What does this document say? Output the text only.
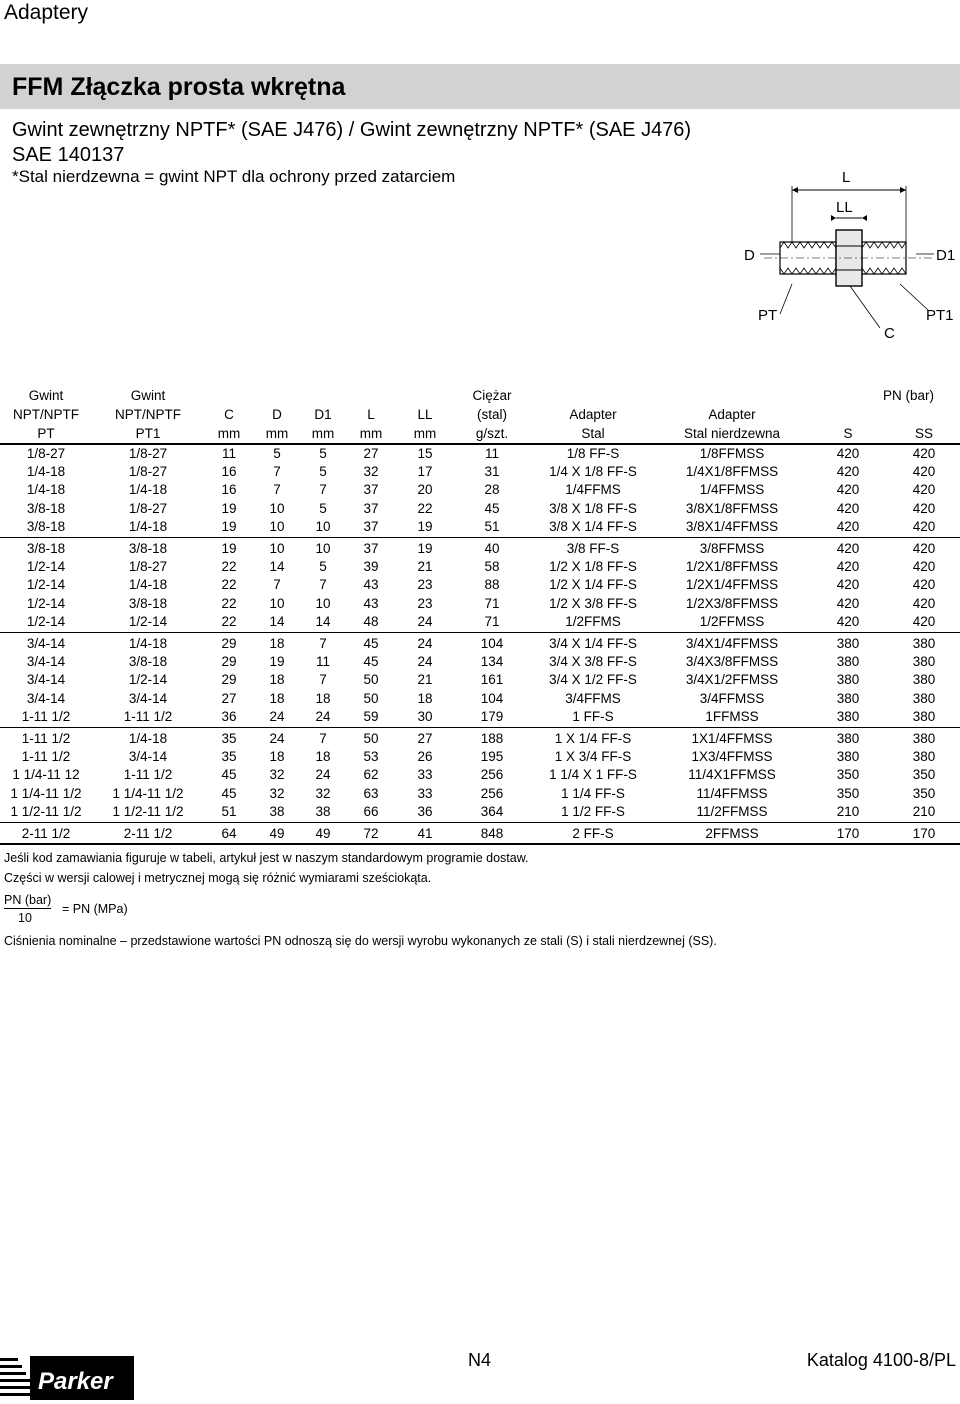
Adaptery
FFM Złączka prosta wkrętna
Gwint zewnętrzny NPTF* (SAE J476) / Gwint zewnętrzny NPTF* (SAE J476)
SAE 140137
*Stal nierdzewna = gwint NPT dla ochrony przed zatarciem	L
LL
D	D1
PT	PT1
C
Gwint	Gwint						Ciężar			PN (bar)	
NPT/NPTF	NPT/NPTF	C	D	D1	L	LL	(stal)	Adapter	Adapter		
PT	PT1	mm	mm	mm	mm	mm	g/szt.	Stal	Stal nierdzewna	S	SS
1/8-27	1/8-27	11	5	5	27	15	11	1/8 FF-S	1/8FFMSS	420	420
1/4-18	1/8-27	16	7	5	32	17	31	1/4 X 1/8 FF-S	1/4X1/8FFMSS	420	420
1/4-18	1/4-18	16	7	7	37	20	28	1/4FFMS	1/4FFMSS	420	420
3/8-18	1/8-27	19	10	5	37	22	45	3/8 X 1/8 FF-S	3/8X1/8FFMSS	420	420
3/8-18	1/4-18	19	10	10	37	19	51	3/8 X 1/4 FF-S	3/8X1/4FFMSS	420	420
3/8-18	3/8-18	19	10	10	37	19	40	3/8 FF-S	3/8FFMSS	420	420
1/2-14	1/8-27	22	14	5	39	21	58	1/2 X 1/8 FF-S	1/2X1/8FFMSS	420	420
1/2-14	1/4-18	22	7	7	43	23	88	1/2 X 1/4 FF-S	1/2X1/4FFMSS	420	420
1/2-14	3/8-18	22	10	10	43	23	71	1/2 X 3/8 FF-S	1/2X3/8FFMSS	420	420
1/2-14	1/2-14	22	14	14	48	24	71	1/2FFMS	1/2FFMSS	420	420
3/4-14	1/4-18	29	18	7	45	24	104	3/4 X 1/4 FF-S	3/4X1/4FFMSS	380	380
3/4-14	3/8-18	29	19	11	45	24	134	3/4 X 3/8 FF-S	3/4X3/8FFMSS	380	380
3/4-14	1/2-14	29	18	7	50	21	161	3/4 X 1/2 FF-S	3/4X1/2FFMSS	380	380
3/4-14	3/4-14	27	18	18	50	18	104	3/4FFMS	3/4FFMSS	380	380
1-11 1/2	1-11 1/2	36	24	24	59	30	179	1 FF-S	1FFMSS	380	380
1-11 1/2	1/4-18	35	24	7	50	27	188	1 X 1/4 FF-S	1X1/4FFMSS	380	380
1-11 1/2	3/4-14	35	18	18	53	26	195	1 X 3/4 FF-S	1X3/4FFMSS	380	380
1 1/4-11 12	1-11 1/2	45	32	24	62	33	256	1 1/4 X 1 FF-S	11/4X1FFMSS	350	350
1 1/4-11 1/2	1 1/4-11 1/2	45	32	32	63	33	256	1 1/4 FF-S	11/4FFMSS	350	350
1 1/2-11 1/2	1 1/2-11 1/2	51	38	38	66	36	364	1 1/2 FF-S	11/2FFMSS	210	210
2-11 1/2	2-11 1/2	64	49	49	72	41	848	2 FF-S	2FFMSS	170	170
Jeśli kod zamawiania figuruje w tabeli, artykuł jest w naszym standardowym programie dostaw.
Części w wersji calowej i metrycznej mogą się różnić wymiarami sześciokąta.
PN (bar)
10
= PN (MPa)
Ciśnienia nominalne – przedstawione wartości PN odnoszą się do wersji wyrobu wykonanych ze stali (S) i stali nierdzewnej (SS).
Parker
N4	Katalog 4100-8/PL
